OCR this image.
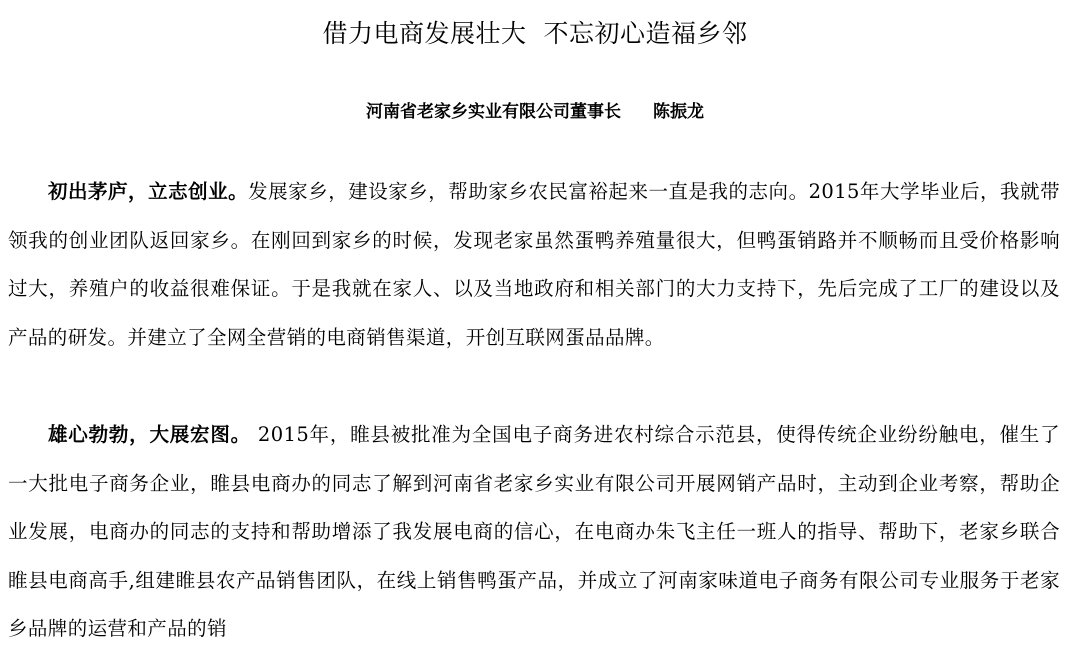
借力电商发展壮大  不忘初心造福乡邻
河南省老家乡实业有限公司董事长 陈振龙

初出茅庐，立志创业。发展家乡，建设家乡，帮助家乡农民富裕起来一直是我的志向。2015年大学毕业后，我就带领我的创业团队返回家乡。在刚回到家乡的时候，发现老家虽然蛋鸭养殖量很大，但鸭蛋销路并不顺畅而且受价格影响过大，养殖户的收益很难保证。于是我就在家人、以及当地政府和相关部门的大力支持下，先后完成了工厂的建设以及产品的研发。并建立了全网全营销的电商销售渠道，开创互联网蛋品品牌。

雄心勃勃，大展宏图。 2015年，睢县被批准为全国电子商务进农村综合示范县，使得传统企业纷纷触电，催生了一大批电子商务企业，睢县电商办的同志了解到河南省老家乡实业有限公司开展网销产品时，主动到企业考察，帮助企业发展，电商办的同志的支持和帮助增添了我发展电商的信心，在电商办朱飞主任一班人的指导、帮助下，老家乡联合睢县电商高手,组建睢县农产品销售团队，在线上销售鸭蛋产品，并成立了河南家味道电子商务有限公司专业服务于老家乡品牌的运营和产品的销
